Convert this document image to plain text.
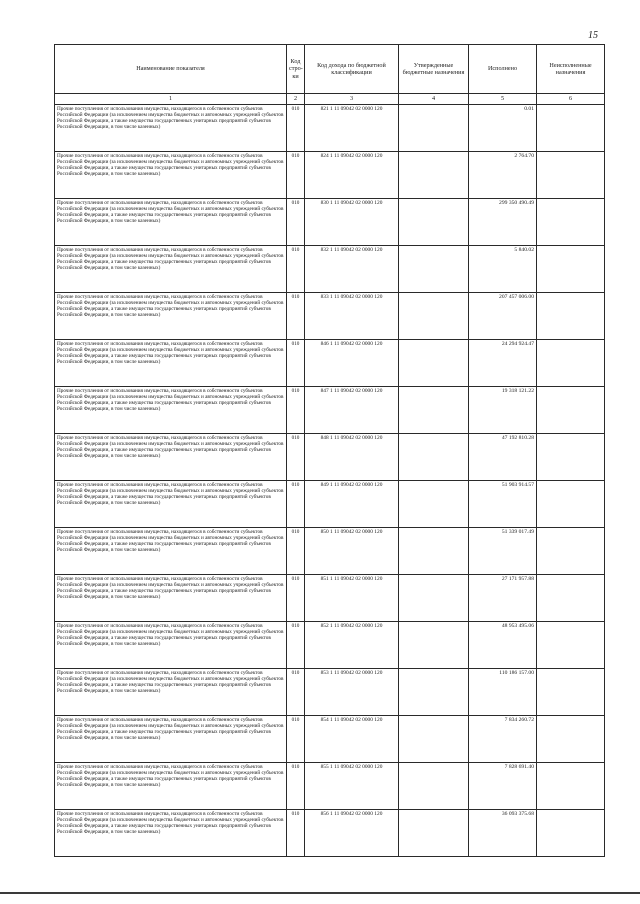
15
Наименование показателя	Код стро-ки	Код дохода по бюджетной классификации	Утвержденные бюджетные назначения	Исполнено	Неисполненные назначения
1	2	3	4	5	6
Прочие поступления от использования имущества, находящегося в собственности субъектов Российской Федерации (за исключением имущества бюджетных и автономных учреждений субъектов Российской Федерации, а также имущества государственных унитарных предприятий субъектов Российской Федерации, в том числе казенных)	010	821 1 11 09042 02 0000 120		0.01	
Прочие поступления от использования имущества, находящегося в собственности субъектов Российской Федерации (за исключением имущества бюджетных и автономных учреждений субъектов Российской Федерации, а также имущества государственных унитарных предприятий субъектов Российской Федерации, в том числе казенных)	010	824 1 11 09042 02 0000 120		2 764.70	
Прочие поступления от использования имущества, находящегося в собственности субъектов Российской Федерации (за исключением имущества бюджетных и автономных учреждений субъектов Российской Федерации, а также имущества государственных унитарных предприятий субъектов Российской Федерации, в том числе казенных)	010	830 1 11 09042 02 0000 120		299 350 490.49	
Прочие поступления от использования имущества, находящегося в собственности субъектов Российской Федерации (за исключением имущества бюджетных и автономных учреждений субъектов Российской Федерации, а также имущества государственных унитарных предприятий субъектов Российской Федерации, в том числе казенных)	010	832 1 11 09042 02 0000 120		5 840.02	
Прочие поступления от использования имущества, находящегося в собственности субъектов Российской Федерации (за исключением имущества бюджетных и автономных учреждений субъектов Российской Федерации, а также имущества государственных унитарных предприятий субъектов Российской Федерации, в том числе казенных)	010	833 1 11 09042 02 0000 120		207 457 006.00	
Прочие поступления от использования имущества, находящегося в собственности субъектов Российской Федерации (за исключением имущества бюджетных и автономных учреждений субъектов Российской Федерации, а также имущества государственных унитарных предприятий субъектов Российской Федерации, в том числе казенных)	010	846 1 11 09042 02 0000 120		24 294 924.47	
Прочие поступления от использования имущества, находящегося в собственности субъектов Российской Федерации (за исключением имущества бюджетных и автономных учреждений субъектов Российской Федерации, а также имущества государственных унитарных предприятий субъектов Российской Федерации, в том числе казенных)	010	847 1 11 09042 02 0000 120		19 318 121.22	
Прочие поступления от использования имущества, находящегося в собственности субъектов Российской Федерации (за исключением имущества бюджетных и автономных учреждений субъектов Российской Федерации, а также имущества государственных унитарных предприятий субъектов Российской Федерации, в том числе казенных)	010	848 1 11 09042 02 0000 120		47 192 810.28	
Прочие поступления от использования имущества, находящегося в собственности субъектов Российской Федерации (за исключением имущества бюджетных и автономных учреждений субъектов Российской Федерации, а также имущества государственных унитарных предприятий субъектов Российской Федерации, в том числе казенных)	010	849 1 11 09042 02 0000 120		51 903 914.57	
Прочие поступления от использования имущества, находящегося в собственности субъектов Российской Федерации (за исключением имущества бюджетных и автономных учреждений субъектов Российской Федерации, а также имущества государственных унитарных предприятий субъектов Российской Федерации, в том числе казенных)	010	850 1 11 09042 02 0000 120		51 339 017.49	
Прочие поступления от использования имущества, находящегося в собственности субъектов Российской Федерации (за исключением имущества бюджетных и автономных учреждений субъектов Российской Федерации, а также имущества государственных унитарных предприятий субъектов Российской Федерации, в том числе казенных)	010	851 1 11 09042 02 0000 120		27 171 957.88	
Прочие поступления от использования имущества, находящегося в собственности субъектов Российской Федерации (за исключением имущества бюджетных и автономных учреждений субъектов Российской Федерации, а также имущества государственных унитарных предприятий субъектов Российской Федерации, в том числе казенных)	010	852 1 11 09042 02 0000 120		48 953 495.06	
Прочие поступления от использования имущества, находящегося в собственности субъектов Российской Федерации (за исключением имущества бюджетных и автономных учреждений субъектов Российской Федерации, а также имущества государственных унитарных предприятий субъектов Российской Федерации, в том числе казенных)	010	853 1 11 09042 02 0000 120		110 186 157.00	
Прочие поступления от использования имущества, находящегося в собственности субъектов Российской Федерации (за исключением имущества бюджетных и автономных учреждений субъектов Российской Федерации, а также имущества государственных унитарных предприятий субъектов Российской Федерации, в том числе казенных)	010	854 1 11 09042 02 0000 120		7 834 260.72	
Прочие поступления от использования имущества, находящегося в собственности субъектов Российской Федерации (за исключением имущества бюджетных и автономных учреждений субъектов Российской Федерации, а также имущества государственных унитарных предприятий субъектов Российской Федерации, в том числе казенных)	010	855 1 11 09042 02 0000 120		7 828 691.40	
Прочие поступления от использования имущества, находящегося в собственности субъектов Российской Федерации (за исключением имущества бюджетных и автономных учреждений субъектов Российской Федерации, а также имущества государственных унитарных предприятий субъектов Российской Федерации, в том числе казенных)	010	856 1 11 09042 02 0000 120		36 093 375.68	
